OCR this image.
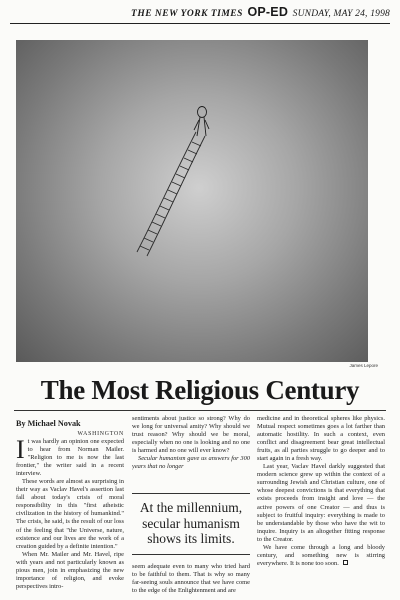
THE NEW YORK TIMES OP-ED SUNDAY, MAY 24, 1998
James Lepore
The Most Religious Century

By Michael Novak

WASHINGTON

It was hardly an opinion one expected to hear from Norman Mailer. "Religion to me is now the last frontier," the writer said in a recent interview.

These words are almost as surprising in their way as Vaclav Havel's assertion last fall about today's crisis of moral responsibility in this "first atheistic civilization in the history of humankind." The crisis, he said, is the result of our loss of the feeling that "the Universe, nature, existence and our lives are the work of a creation guided by a definite intention."

When Mr. Mailer and Mr. Havel, ripe with years and not particularly known as pious men, join in emphasizing the new importance of religion, and evoke perspectives intro-

sentiments about justice so strong? Why do we long for universal amity? Why should we trust reason? Why should we be moral, especially when no one is looking and no one is harmed and no one will ever know?

Secular humanism gave us answers for 300 years that no longer

At the millennium, secular humanism shows its limits.

seem adequate even to many who tried hard to be faithful to them. That is why so many far-seeing souls announce that we have come to the edge of the Enlightenment and are

medicine and in theoretical spheres like physics. Mutual respect sometimes goes a lot farther than automatic hostility. In such a context, even conflict and disagreement bear great intellectual fruits, as all parties struggle to go deeper and to start again in a fresh way.

Last year, Vaclav Havel darkly suggested that modern science grew up within the context of a surrounding Jewish and Christian culture, one of whose deepest convictions is that everything that exists proceeds from insight and love — the active powers of one Creator — and thus is subject to fruitful inquiry: everything is made to be understandable by those who have the wit to inquire. Inquiry is an altogether fitting response to the Creator.

We have come through a long and bloody century, and something new is stirring everywhere. It is none too soon.
